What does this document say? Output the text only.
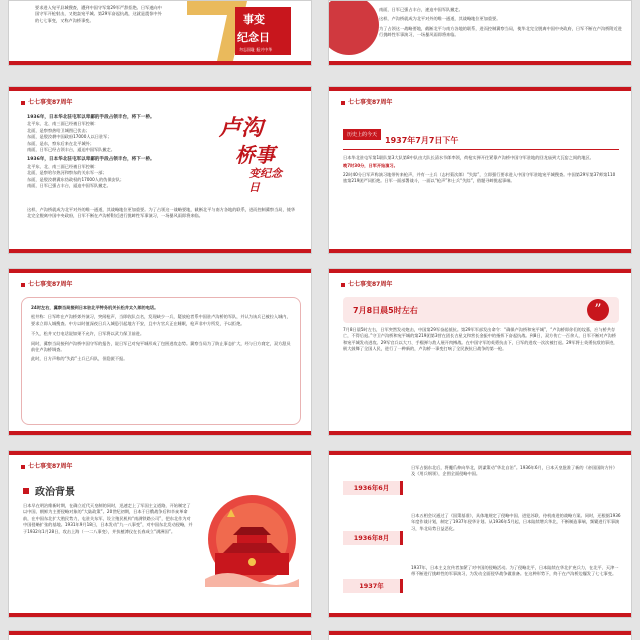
要求进入宛平县城搜查，遭到中国守军第29军严辞拒绝。日军遂向中国守军开枪射击，又炮轰宛平城。第29军奋起抗战，这就是震惊中外的七七事变，又称卢沟桥事变。	事变
纪念日
勿忘国耻 振兴中华
南面，日军已强占丰台，速迫中国军队撤走。
这样，卢沟桥就成为北平对外的唯一通道，其战略地位更加重要。
为了占领这一战略要地，截断北平与南方各地的联系，进而控制冀察当局，使华北完全脱离中国中央政府，日军不断在卢沟桥附近进行挑衅性军事演习，一场暴风雨即将来临。
七七事变87周年
1936年，日本华北驻屯军以卑鄙的手段占领丰台，将下一桥。
北平东、北、南三面已经被日军控制：
北面，是察察热哈卫城图已伏击；
东面，是殷汝耕中国政府17000人以日驻军；
东面，是东，察东后来在北平城外；
南面，日军已经占领丰台，逼迫中国军队撤走。
1936年，日本华北驻屯军以卑鄙的手段占领丰台，将下一桥。
北平东、北、南三面已经被日军控制：
北面，是察哈尔热河和察东的关东军一部；
东面，是殷汝耕冀东伪政权的17000人的伪保安队；
南面，日军已强占丰台，逼迫中国军队撤走。
这样，卢沟桥就成为北平对外的唯一通道，其战略地位更加重要。为了占领这一战略要地，截断北平与南方各地的联系，进而控制冀察当局，使华北完全脱离中国中央政府，日军不断在卢沟桥附近进行挑衅性军事演习，一场暴风雨即将来临。
卢沟
桥事
变纪念日
七七事变87周年
历史上的今天
1937年7月7日下午
日本华北驻屯军第1联队第3大队第8中队由大队长清水节郎率领，荷枪实弹开往紧靠卢沟桥中国守军驻地的回龙庙到大瓦窑之间的地区。
晚7时30分，日军开始演习。
22时40分日军声称演习地带传来枪声，并有一士兵（志村菊次郎）“失踪”，立即强行要求进入中国守军驻地宛平城搜查。中国第29军第37师第110旅第219团严词拒绝。日军一面部署战斗，一面以“枪声”和士兵“失踪”，借题寻衅挑起事端。
七七事变87周年
24时左右，冀察当局接到日本驻北平特务机关长松井太久郎的电话。
松井称：日军昨在卢沟桥郊外演习，突闻枪声，当即收队点名，发现缺少一兵，疑放枪者系中国驻卢沟桥的军队，并认为该兵已被拉入城内，要求立即入城搜查。中方以时值深夜日兵入城恐引起地方不安，且中方官兵正在睡眠，枪声非中方所发，予以拒绝。
不久，松井又打电话说如果不允许，日军将以武力保卫前进。
同时，冀察当局接到卢沟桥中国守军的报告，说日军已对宛平城形成了包围进攻态势。冀察当局为了防止事态扩大，经与日方商定，双方派员前往卢沟桥调查。
此时，日方声称的“失踪”士兵已归队，但隐匿不报。
七七事变87周年
7月8日晨5时左右	”
7月8日晨5时左右，日军突然发动炮击，中国第29军奋起抵抗。第29军军部发出命令：“确保卢沟桥和宛平城”，“卢沟桥即你们的坟墓，应与桥共存亡，不得后退。”守卫卢沟桥和宛平城的第219团第3营在团长吉星文和营长金振中的指挥下奋起抗战。到8日，双方伤亡一百余人，日军不断对卢沟桥和宛平城发动进攻。29军官兵以大刀、手榴弹与敌人展开肉搏战。在中国守军的英勇抗击下，日军的进攻一次次被打退。29军将士英勇抗敌的事迹，极大鼓舞了全国人民，进行了一种新的，卢沟桥一事变打响了全民族抗日战争的第一枪。
七七事变87周年
政治背景
日本早在明治维新时期，在确立近代天皇制的同时，迅速走上了军国主义道路，开始制定了以中国、朝鲜为主要侵略对象的“大陆政策”。20世纪初期，日本于日俄战争后和辛亥革命前，在中国东北扩大殖民势力，屯驻关东军，设立殖民机构“南满铁路公司”，把东北作为对中国侵略扩张的基地。1931年9月18日，日本发动“九一八事变”，对中国东北发动侵略，并于1932年1月28日，攻击上海（一·二八事变），并扶植溥仪在长春成立“满洲国”。
1936年6月
日军占据东北后，将魔爪伸向华北，阴谋策动“华北自治”。1936年6月，日本天皇批准了新的《帝国国防方针》及《用兵纲领》，企图全面侵略中国。
1936年8月
日本五相会议通过了《国策基准》，具体地规定了侵略中国、进犯苏联、待机南进的战略方案。同时，还根据1936年度作战计划，制定了1937年侵华计划。从1936年5月起，日本陆续增兵华北，不断制造事端，频繁进行军事演习，华北局势日益恶化。
1937年
1937年，日本主义宣传者加紧了对中国的侵略活动。为了侵略北平，日本陆续在华北扩充兵力，在北平、天津一带不断进行挑衅性的军事演习，为发动全面侵华战争做准备。在这种形势下，终于在卢沟桥边爆发了七七事变。
